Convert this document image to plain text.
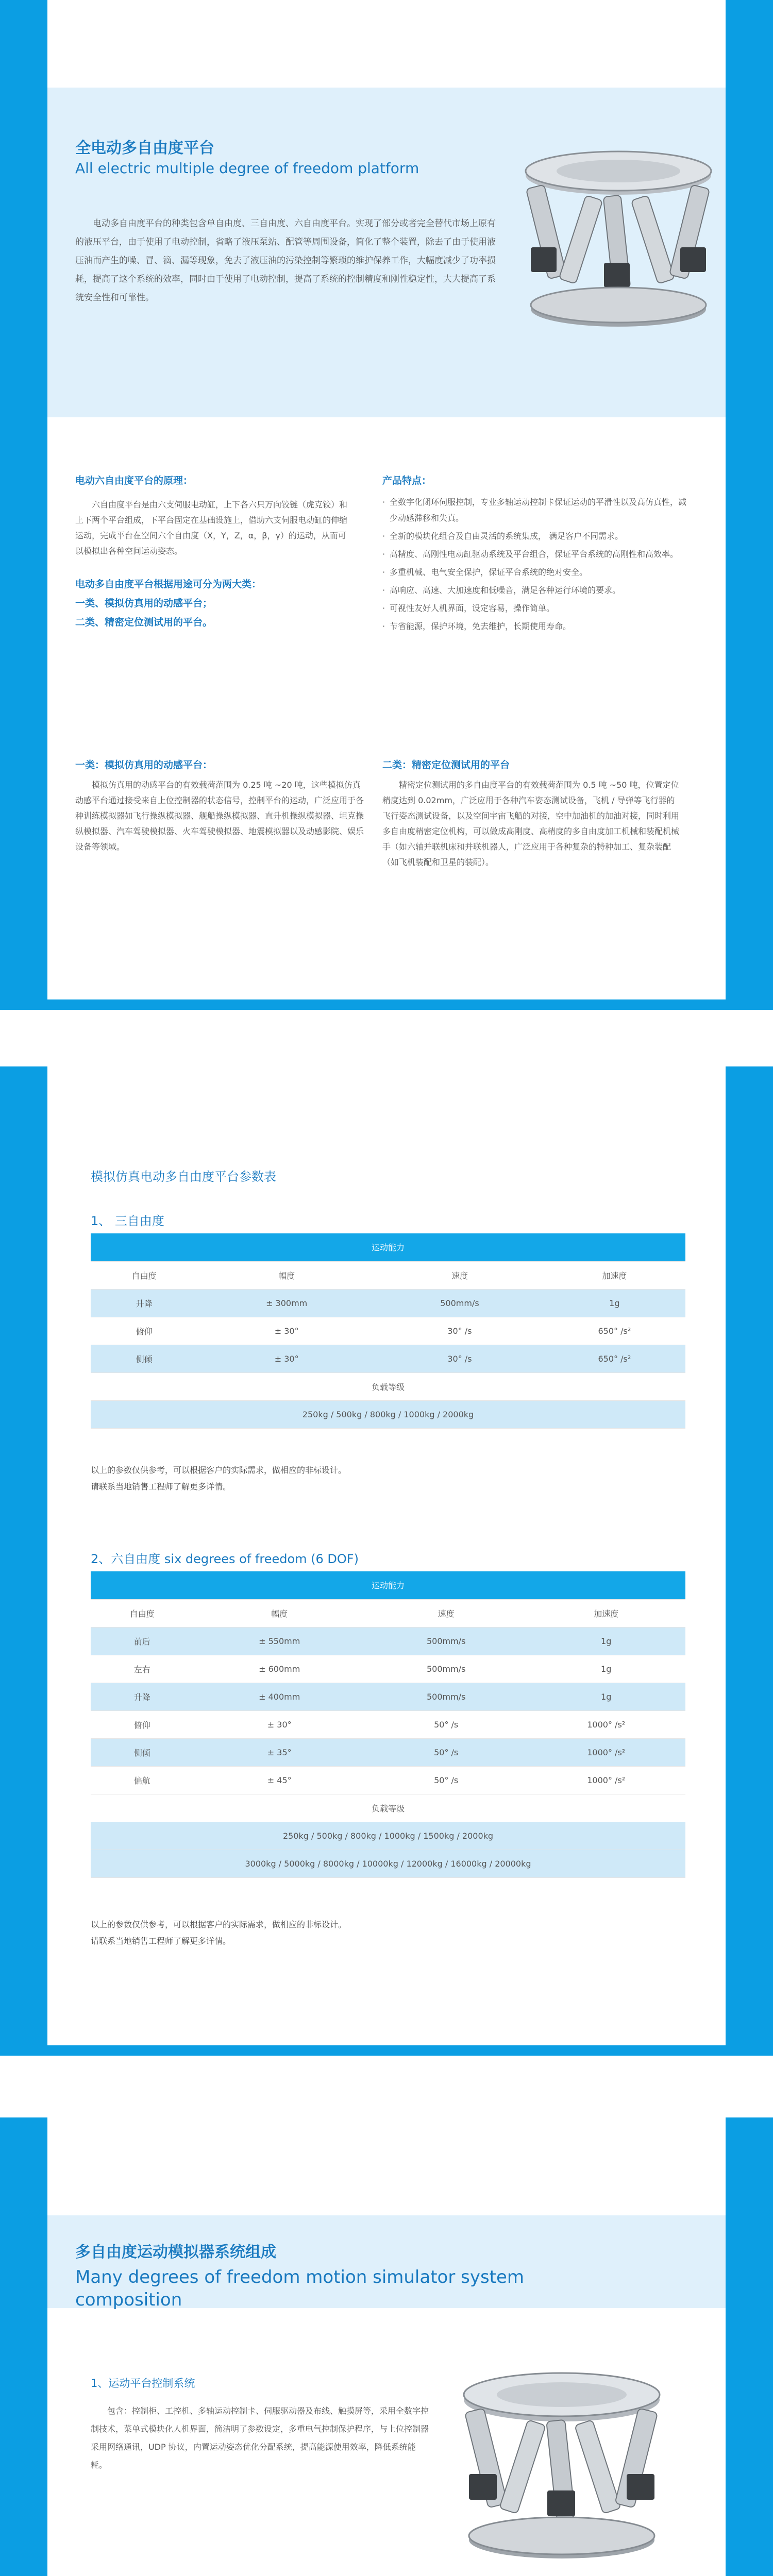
全电动多自由度平台
All electric multiple degree of freedom platform
电动多自由度平台的种类包含单自由度、三自由度、六自由度平台。实现了部分或者完全替代市场上原有的液压平台，由于使用了电动控制，省略了液压泵站、配管等周围设备，简化了整个装置，除去了由于使用液压油而产生的噪、冒、滴、漏等现象，免去了液压油的污染控制等繁琐的维护保养工作，大幅度减少了功率损耗，提高了这个系统的效率，同时由于使用了电动控制，提高了系统的控制精度和刚性稳定性，大大提高了系统安全性和可靠性。
电动六自由度平台的原理：
六自由度平台是由六支伺服电动缸，上下各六只万向铰链（虎克铰）和上下两个平台组成，下平台固定在基础设施上，借助六支伺服电动缸的伸缩运动，完成平台在空间六个自由度（X，Y，Z，α，β，γ）的运动，从而可以模拟出各种空间运动姿态。
电动多自由度平台根据用途可分为两大类：
一类、模拟仿真用的动感平台；
二类、精密定位测试用的平台。
产品特点：
· 全数字化闭环伺服控制，专业多轴运动控制卡保证运动的平滑性以及高仿真性，减少动感滞移和失真。
· 全新的模块化组合及自由灵活的系统集成， 满足客户不同需求。
· 高精度、高刚性电动缸驱动系统及平台组合，保证平台系统的高刚性和高效率。
· 多重机械、电气安全保护，保证平台系统的绝对安全。
· 高响应、高速、大加速度和低噪音，满足各种运行环境的要求。
· 可视性友好人机界面，设定容易，操作简单。
· 节省能源，保护环境，免去维护，长期使用寿命。
一类：模拟仿真用的动感平台：
模拟仿真用的动感平台的有效载荷范围为 0.25 吨 ~20 吨，这些模拟仿真动感平台通过接受来自上位控制器的状态信号，控制平台的运动，广泛应用于各种训练模拟器如飞行操纵模拟器、舰船操纵模拟器、直升机操纵模拟器、坦克操纵模拟器、汽车驾驶模拟器、火车驾驶模拟器、地震模拟器以及动感影院、娱乐设备等领域。
二类：精密定位测试用的平台
精密定位测试用的多自由度平台的有效载荷范围为 0.5 吨 ~50 吨，位置定位精度达到 0.02mm，广泛应用于各种汽车姿态测试设备，飞机 / 导弹等飞行器的飞行姿态测试设备，以及空间宇宙飞船的对接，空中加油机的加油对接，同时利用多自由度精密定位机构，可以做成高刚度、高精度的多自由度加工机械和装配机械手（如六轴并联机床和并联机器人，广泛应用于各种复杂的特种加工、复杂装配（如飞机装配和卫星的装配）。
模拟仿真电动多自由度平台参数表
1、 三自由度
运动能力			
自由度	幅度	速度	加速度
升降	± 300mm	500mm/s	1g
俯仰	± 30°	30° /s	650° /s²
侧倾	± 30°	30° /s	650° /s²
负载等级			
250kg / 500kg / 800kg / 1000kg / 2000kg			
以上的参数仅供参考，可以根据客户的实际需求，做相应的非标设计。
请联系当地销售工程师了解更多详情。
2、六自由度 six degrees of freedom (6 DOF)
运动能力			
自由度	幅度	速度	加速度
前后	± 550mm	500mm/s	1g
左右	± 600mm	500mm/s	1g
升降	± 400mm	500mm/s	1g
俯仰	± 30°	50° /s	1000° /s²
侧倾	± 35°	50° /s	1000° /s²
偏航	± 45°	50° /s	1000° /s²
负载等级			
250kg / 500kg / 800kg / 1000kg / 1500kg / 2000kg			
3000kg / 5000kg / 8000kg / 10000kg / 12000kg / 16000kg / 20000kg			
以上的参数仅供参考，可以根据客户的实际需求，做相应的非标设计。
请联系当地销售工程师了解更多详情。
多自由度运动模拟器系统组成
Many degrees of freedom motion simulator system composition
1、运动平台控制系统
包含：控制柜、工控机、多轴运动控制卡、伺服驱动器及布线、触摸屏等，采用全数字控制技术，菜单式模块化人机界面，简洁明了参数设定，多重电气控制保护程序，与上位控制器采用网络通讯，UDP 协议，内置运动姿态优化分配系统，提高能源使用效率，降低系统能耗。
